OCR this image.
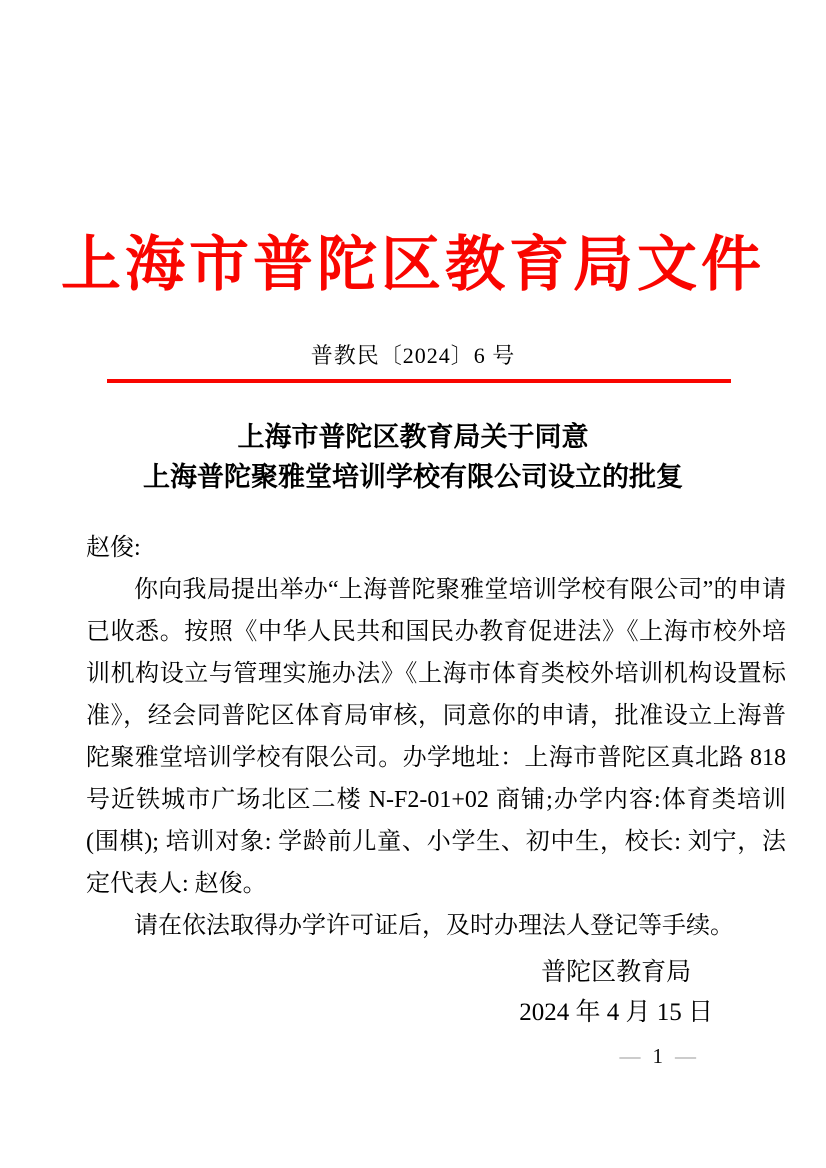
上海市普陀区教育局文件
普教民〔2024〕6 号
上海市普陀区教育局关于同意
上海普陀聚雅堂培训学校有限公司设立的批复

赵俊:

你向我局提出举办“上海普陀聚雅堂培训学校有限公司”的申请已收悉。按照《中华人民共和国民办教育促进法》《上海市校外培训机构设立与管理实施办法》《上海市体育类校外培训机构设置标准》，经会同普陀区体育局审核，同意你的申请，批准设立上海普陀聚雅堂培训学校有限公司。办学地址：上海市普陀区真北路 818 号近铁城市广场北区二楼 N-F2-01+02 商铺;办学内容:体育类培训(围棋); 培训对象: 学龄前儿童、小学生、初中生，校长: 刘宁，法定代表人: 赵俊。

请在依法取得办学许可证后，及时办理法人登记等手续。

普陀区教育局
2024 年 4 月 15 日
— 1 —
